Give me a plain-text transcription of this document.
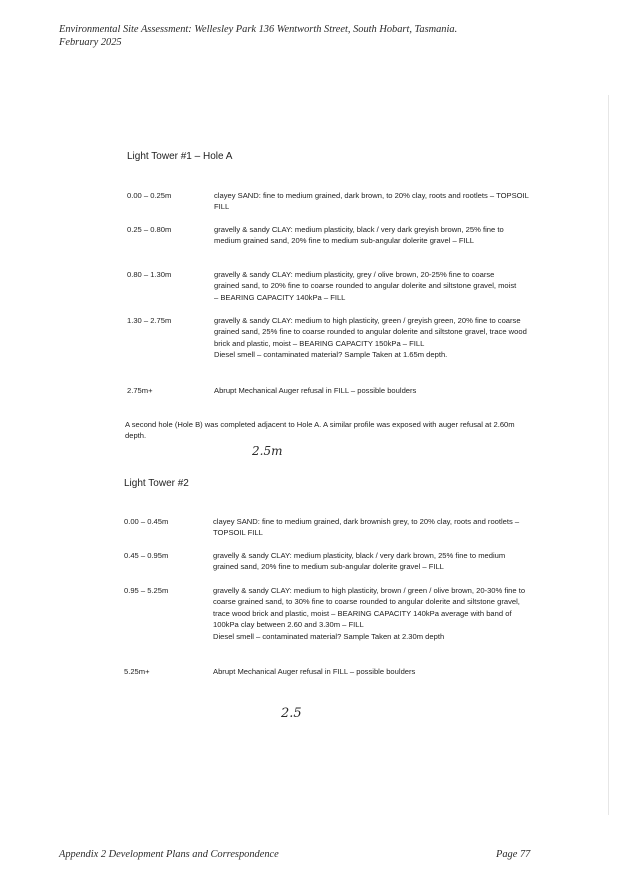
Environmental Site Assessment: Wellesley Park 136 Wentworth Street, South Hobart, Tasmania.
February 2025
Light Tower #1 – Hole A
0.00 – 0.25m	clayey SAND: fine to medium grained, dark brown, to 20% clay, roots and rootlets – TOPSOIL FILL
0.25 – 0.80m	gravelly & sandy CLAY: medium plasticity, black / very dark greyish brown, 25% fine to medium grained sand, 20% fine to medium sub-angular dolerite gravel – FILL
0.80 – 1.30m	gravelly & sandy CLAY: medium plasticity, grey / olive brown, 20-25% fine to coarse grained sand, to 20% fine to coarse rounded to angular dolerite and siltstone gravel, moist – BEARING CAPACITY 140kPa – FILL
1.30 – 2.75m	gravelly & sandy CLAY: medium to high plasticity, green / greyish green, 20% fine to coarse grained sand, 25% fine to coarse rounded to angular dolerite and siltstone gravel, trace wood brick and plastic, moist – BEARING CAPACITY 150kPa – FILL
Diesel smell – contaminated material? Sample Taken at 1.65m depth.
2.75m+	Abrupt Mechanical Auger refusal in FILL – possible boulders
A second hole (Hole B) was completed adjacent to Hole A. A similar profile was exposed with auger refusal at 2.60m depth.
2.5m
Light Tower #2
0.00 – 0.45m	clayey SAND: fine to medium grained, dark brownish grey, to 20% clay, roots and rootlets – TOPSOIL FILL
0.45 – 0.95m	gravelly & sandy CLAY: medium plasticity, black / very dark brown, 25% fine to medium grained sand, 20% fine to medium sub-angular dolerite gravel – FILL
0.95 – 5.25m	gravelly & sandy CLAY: medium to high plasticity, brown / green / olive brown, 20-30% fine to coarse grained sand, to 30% fine to coarse rounded to angular dolerite and siltstone gravel, trace wood brick and plastic, moist – BEARING CAPACITY 140kPa average with band of 100kPa clay between 2.60 and 3.30m – FILL
Diesel smell – contaminated material? Sample Taken at 2.30m depth
5.25m+	Abrupt Mechanical Auger refusal in FILL – possible boulders
2.5
Appendix 2 Development Plans and Correspondence	Page 77
